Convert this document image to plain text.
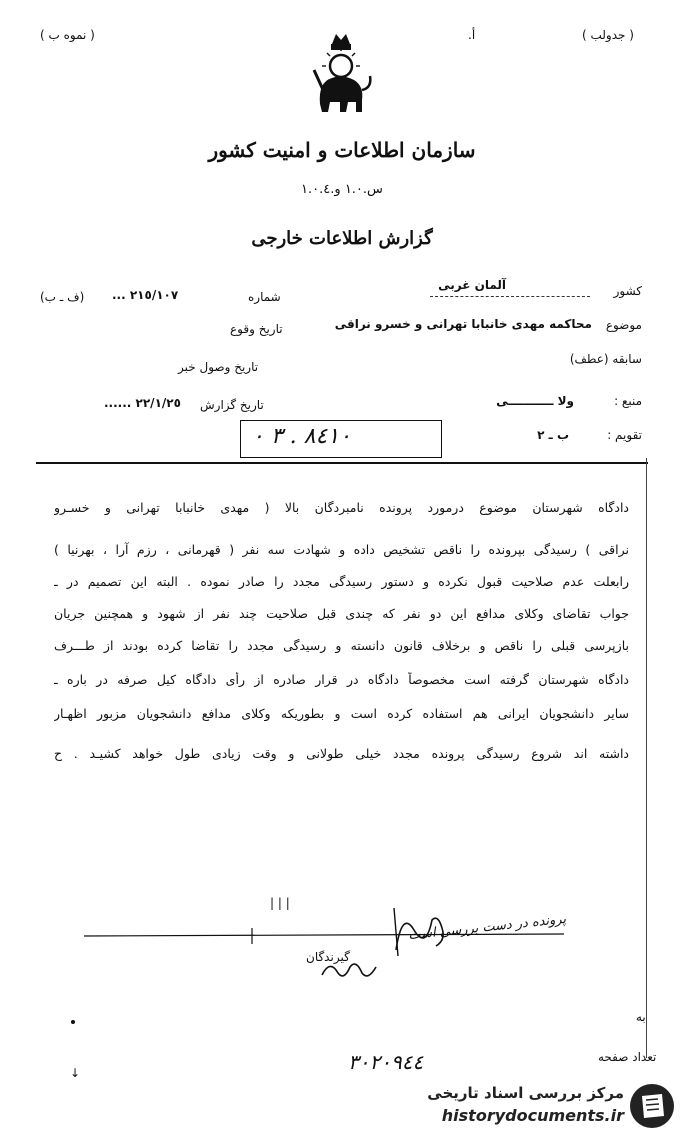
( جدولب )
أ.
( نموه ب )
سازمان اطلاعات و امنیت کشور
س.١.٠ و.١.٠.٤
گزارش اطلاعات خارجی
کشور
آلمان غربی
شماره
٢١٥/١٠٧ ...
(ف ـ ب)
موضوع
محاکمه مهدی خانبابا تهرانی و خسرو نراقی
تاریخ وقوع
سابقه (عطف)
تاریخ وصول خبر
منبع :
ولا ـــــــــــی
تاریخ گزارش
٢٢/١/٢٥ ......
تقویم :
ب ـ ٢
٨٤١٠ . ٣ ٠
دادگاه شهرستان موضوع درمورد پرونده نامبردگان بالا ( مهدی خانبابا تهرانی و خسـرو
نراقی ) رسیدگی بپرونده را ناقص تشخیص داده و شهادت سه نفر ( قهرمانی ، رزم آرا ، بهرنیا )
رابعلت عدم صلاحیت قبول نکرده و دستور رسیدگی مجدد را صادر نموده . البته این تصمیم در ـ
جواب تقاضای وکلای مدافع این دو نفر که چندی قبل صلاحیت چند نفر از شهود و همچنین جریان
بازپرسی قبلی را ناقص و برخلاف قانون دانسته و رسیدگی مجدد را تقاضا کرده بودند از طـــرف
دادگاه شهرستان گرفته است مخصوصاً دادگاه در قرار صادره از رأی دادگاه کیل صرفه در باره ـ
سایر دانشجویان ایرانی هم استفاده کرده است و بطوریکه وکلای مدافع دانشجویان مزبور اظهـار
داشته اند شروع رسیدگی پرونده مجدد خیلی طولانی و وقت زیادی طول خواهد کشیـد . ح
| | |
پرونده در دست بررسی است
گیرندگان
به
تعداد صفحه
٣٠٢٠٩٤٤
↓
مرکز بررسی اسناد تاریخی
historydocuments.ir
